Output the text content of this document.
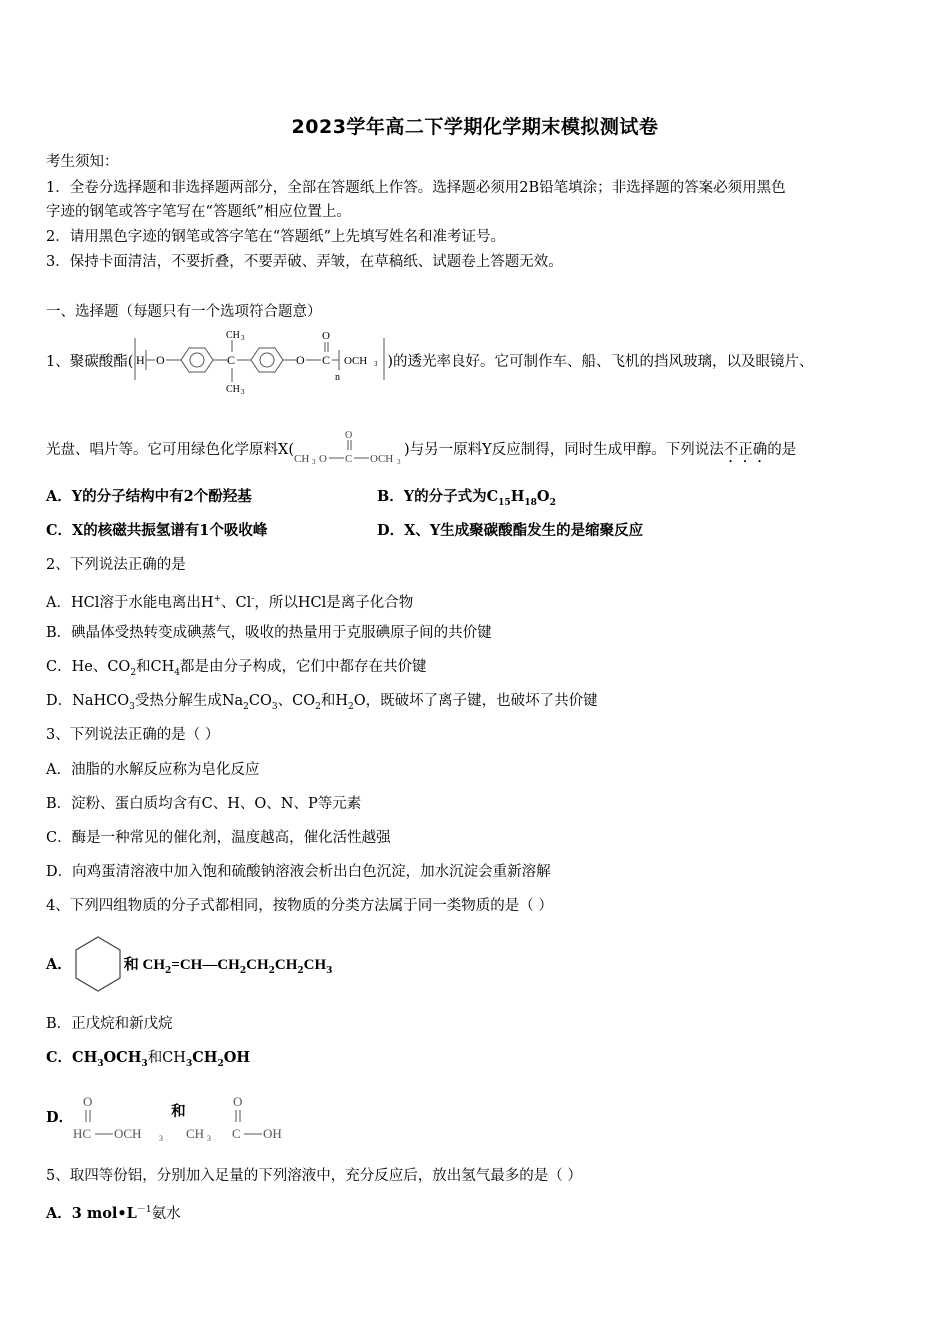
2023学年高二下学期化学期末模拟测试卷
考生须知：
1．全卷分选择题和非选择题两部分，全部在答题纸上作答。选择题必须用2B铅笔填涂；非选择题的答案必须用黑色
字迹的钢笔或答字笔写在“答题纸”相应位置上。
2．请用黑色字迹的钢笔或答字笔在“答题纸”上先填写姓名和准考证号。
3．保持卡面清洁，不要折叠，不要弄破、弄皱，在草稿纸、试题卷上答题无效。
一、选择题（每题只有一个选项符合题意）
1、聚碳酸酯( H O	C
CH 3
CH 3
O C
O
n
OCH 3 )的透光率良好。它可制作车、船、飞机的挡风玻璃，以及眼镜片、
光盘、唱片等。它可用绿色化学原料X(
CH 3 O C
O
OCH 3
)与另一原料Y反应制得，同时生成甲醇。下列说法不正确的是
A．Y的分子结构中有2个酚羟基	B．Y的分子式为$C_{15}H_{18}O_2$
C．X的核磁共振氢谱有1个吸收峰	D．X、Y生成聚碳酸酯发生的是缩聚反应
2、下列说法正确的是
A．HCl溶于水能电离出H+、Cl-，所以HCl是离子化合物
B．碘晶体受热转变成碘蒸气，吸收的热量用于克服碘原子间的共价键
C．He、$CO_2$和$CH_4$都是由分子构成，它们中都存在共价键
D．NaHCO$_3$受热分解生成$Na_2CO_3$、$CO_2$和$H_2O$，既破坏了离子键，也破坏了共价键
3、下列说法正确的是（ ）
A．油脂的水解反应称为皂化反应
B．淀粉、蛋白质均含有C、H、O、N、P等元素
C．酶是一种常见的催化剂，温度越高，催化活性越强
D．向鸡蛋清溶液中加入饱和硫酸钠溶液会析出白色沉淀，加水沉淀会重新溶解
4、下列四组物质的分子式都相同，按物质的分类方法属于同一类物质的是（ ）
A．	和 $CH_2=CH—CH_2CH_2CH_2CH_3$
B．正戊烷和新戊烷
C．$CH_3OCH_3$和$CH_3CH_2OH$
D．
O
HC OCH 3
和
O
CH 3 C OH
5、取四等份铝，分别加入足量的下列溶液中，充分反应后，放出氢气最多的是（ ）
A．3 $mol•L^{-1}$氨水
